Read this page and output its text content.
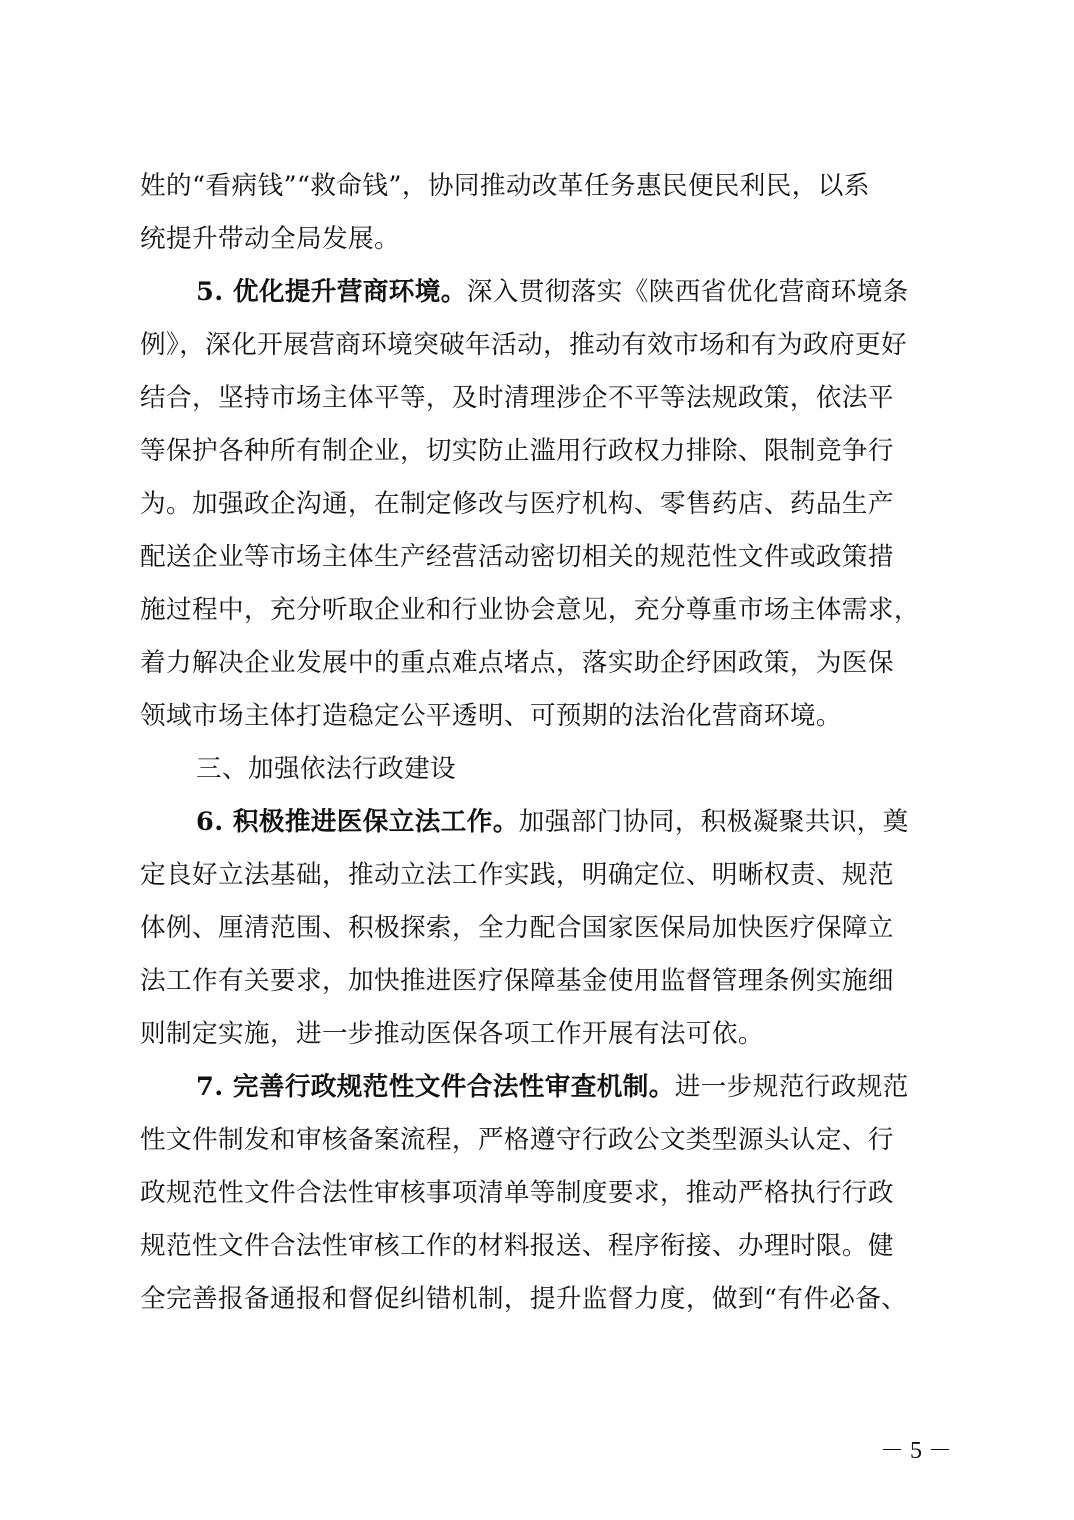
姓的“看病钱”“救命钱”，协同推动改革任务惠民便民利民，以系
统提升带动全局发展。
5. 优化提升营商环境。深入贯彻落实《陕西省优化营商环境条
例》，深化开展营商环境突破年活动，推动有效市场和有为政府更好
结合，坚持市场主体平等，及时清理涉企不平等法规政策，依法平
等保护各种所有制企业，切实防止滥用行政权力排除、限制竞争行
为。加强政企沟通，在制定修改与医疗机构、零售药店、药品生产
配送企业等市场主体生产经营活动密切相关的规范性文件或政策措
施过程中，充分听取企业和行业协会意见，充分尊重市场主体需求，
着力解决企业发展中的重点难点堵点，落实助企纾困政策，为医保
领域市场主体打造稳定公平透明、可预期的法治化营商环境。
三、加强依法行政建设
6. 积极推进医保立法工作。加强部门协同，积极凝聚共识，奠
定良好立法基础，推动立法工作实践，明确定位、明晰权责、规范
体例、厘清范围、积极探索，全力配合国家医保局加快医疗保障立
法工作有关要求，加快推进医疗保障基金使用监督管理条例实施细
则制定实施，进一步推动医保各项工作开展有法可依。
7. 完善行政规范性文件合法性审查机制。进一步规范行政规范
性文件制发和审核备案流程，严格遵守行政公文类型源头认定、行
政规范性文件合法性审核事项清单等制度要求，推动严格执行行政
规范性文件合法性审核工作的材料报送、程序衔接、办理时限。健
全完善报备通报和督促纠错机制，提升监督力度，做到“有件必备、
－ 5 －
